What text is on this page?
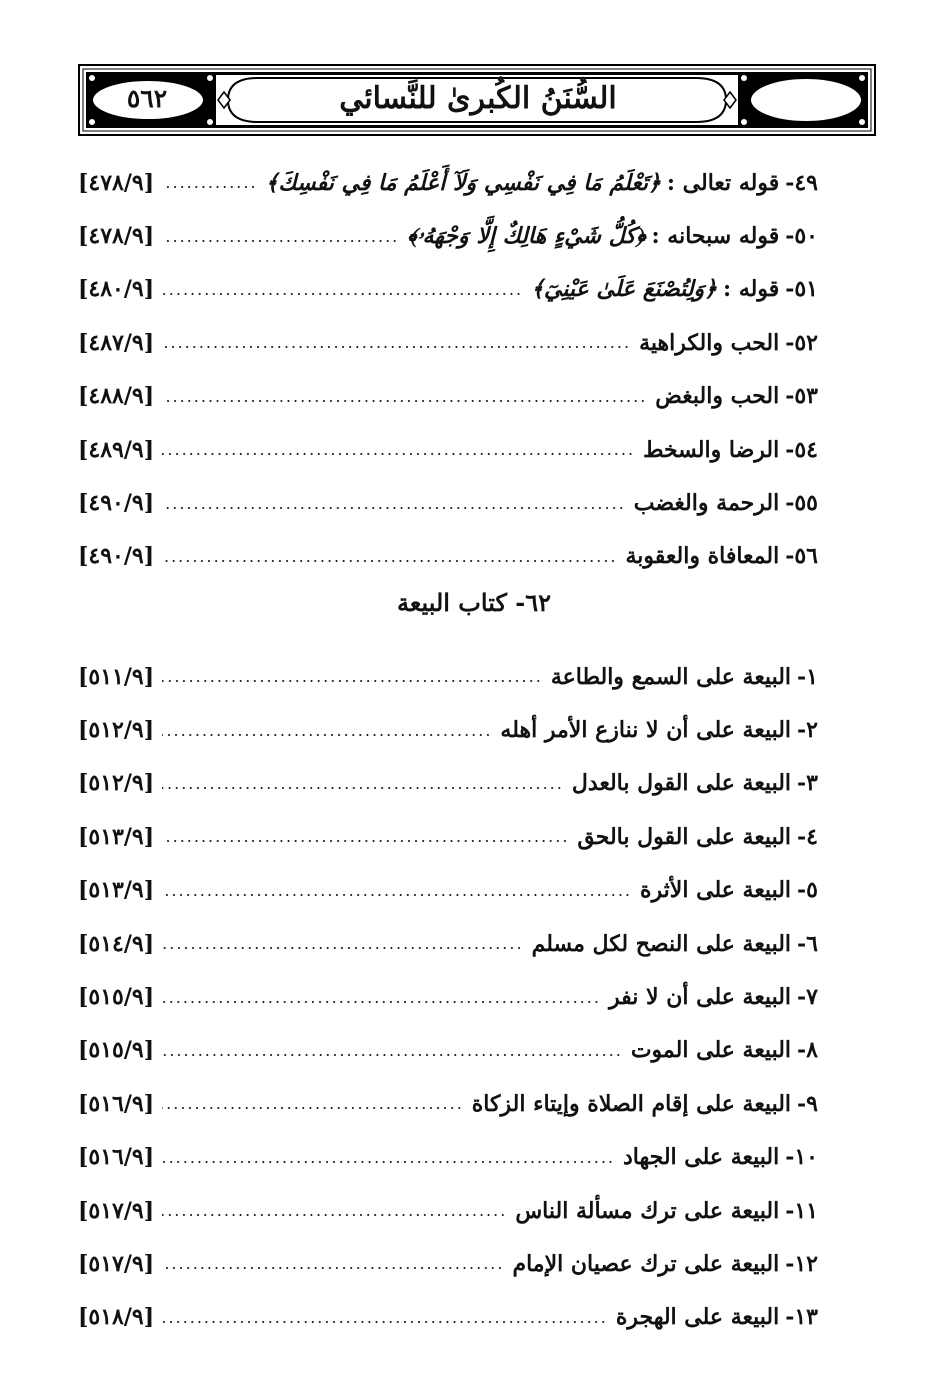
٥٦٢	السُّنَنُ الكُبرىٰ للنَّسائي
٤٩-
قوله تعالى :
﴿تَعْلَمُ مَا فِي نَفْسِي وَلَآ أَعْلَمُ مَا فِي نَفْسِكَ﴾
.....
[٤٧٨/٩]
٥٠-
قوله سبحانه :
﴿كُلُّ شَيْءٍ هَالِكٌ إِلَّا وَجْهَهُۥ﴾
.....
[٤٧٨/٩]
٥١-
قوله :
﴿وَلِتُصْنَعَ عَلَىٰ عَيْنِيٓ﴾
.....
[٤٨٠/٩]
٥٢-
الحب والكراهية
.....
[٤٨٧/٩]
٥٣-
الحب والبغض
.....
[٤٨٨/٩]
٥٤-
الرضا والسخط
.....
[٤٨٩/٩]
٥٥-
الرحمة والغضب
.....
[٤٩٠/٩]
٥٦-
المعافاة والعقوبة
.....
[٤٩٠/٩]
٦٢- كتاب البيعة
١-
البيعة على السمع والطاعة
.....
[٥١١/٩]
٢-
البيعة على أن لا ننازع الأمر أهله
.....
[٥١٢/٩]
٣-
البيعة على القول بالعدل
.....
[٥١٢/٩]
٤-
البيعة على القول بالحق
.....
[٥١٣/٩]
٥-
البيعة على الأثرة
.....
[٥١٣/٩]
٦-
البيعة على النصح لكل مسلم
.....
[٥١٤/٩]
٧-
البيعة على أن لا نفر
.....
[٥١٥/٩]
٨-
البيعة على الموت
.....
[٥١٥/٩]
٩-
البيعة على إقام الصلاة وإيتاء الزكاة
.....
[٥١٦/٩]
١٠-
البيعة على الجهاد
.....
[٥١٦/٩]
١١-
البيعة على ترك مسألة الناس
.....
[٥١٧/٩]
١٢-
البيعة على ترك عصيان الإمام
.....
[٥١٧/٩]
١٣-
البيعة على الهجرة
.....
[٥١٨/٩]
